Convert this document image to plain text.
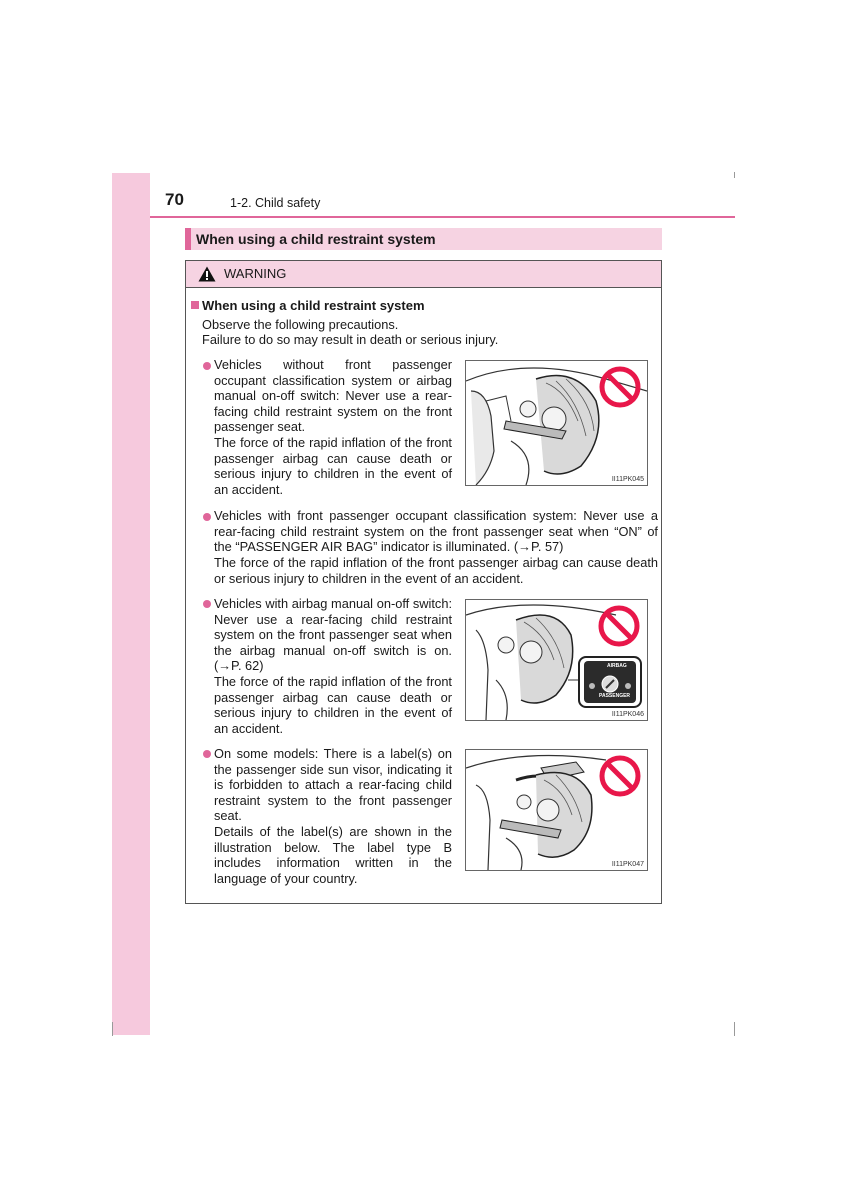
70	1-2. Child safety
When using a child restraint system
WARNING
When using a child restraint system
Observe the following precautions.
Failure to do so may result in death or serious injury.
Vehicles without front passenger occupant classification system or airbag manual on-off switch: Never use a rear-facing child restraint system on the front passenger seat.
The force of the rapid inflation of the front passenger airbag can cause death or serious injury to children in the event of an accident.
II11PK045
Vehicles with front passenger occupant classification system: Never use a rear-facing child restraint system on the front passenger seat when “ON” of the “PASSENGER AIR BAG” indicator is illuminated. (→P. 57)
The force of the rapid inflation of the front passenger airbag can cause death or serious injury to children in the event of an accident.
Vehicles with airbag manual on-off switch: Never use a rear-facing child restraint system on the front passenger seat when the airbag manual on-off switch is on. (→P. 62)
The force of the rapid inflation of the front passenger airbag can cause death or serious injury to children in the event of an accident.
AIRBAG
PASSENGER
II11PK046
On some models: There is a label(s) on the passenger side sun visor, indicating it is forbidden to attach a rear-facing child restraint system to the front passenger seat.
Details of the label(s) are shown in the illustration below. The label type B includes information written in the language of your country.
II11PK047
